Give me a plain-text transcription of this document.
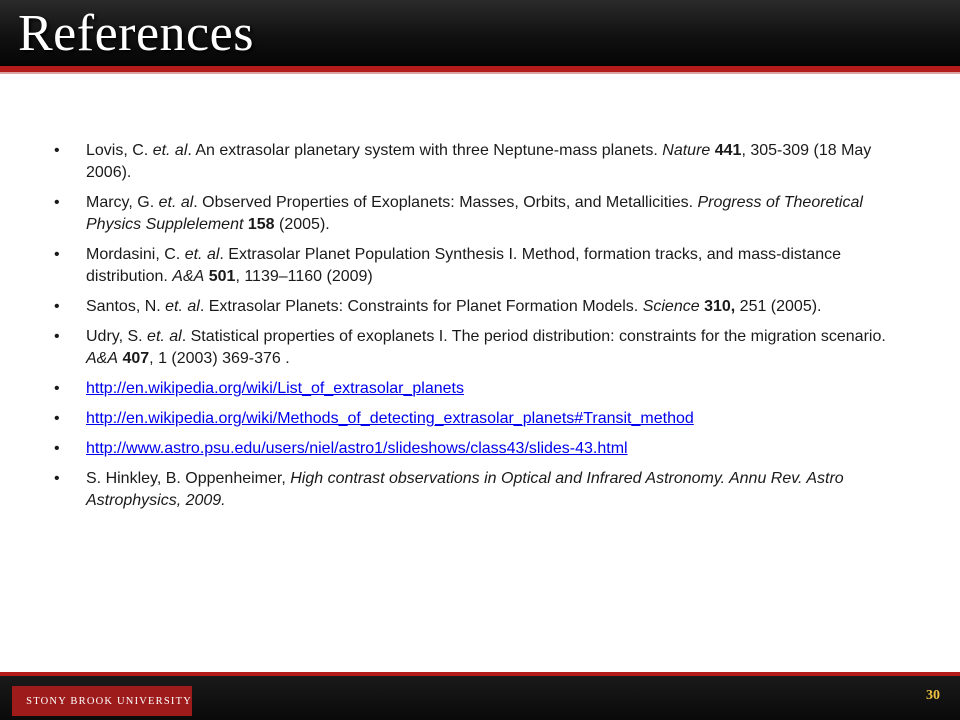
References
• Lovis, C. et. al. An extrasolar planetary system with three Neptune-mass planets. Nature 441, 305-309 (18 May 2006).
• Marcy, G. et. al. Observed Properties of Exoplanets: Masses, Orbits, and Metallicities. Progress of Theoretical Physics Supplelement 158 (2005).
• Mordasini, C. et. al. Extrasolar Planet Population Synthesis I. Method, formation tracks, and mass-distance distribution. A&A 501, 1139–1160 (2009)
• Santos, N. et. al. Extrasolar Planets: Constraints for Planet Formation Models. Science 310, 251 (2005).
• Udry, S. et. al. Statistical properties of exoplanets I. The period distribution: constraints for the migration scenario. A&A 407, 1 (2003) 369-376 .
• http://en.wikipedia.org/wiki/List_of_extrasolar_planets
• http://en.wikipedia.org/wiki/Methods_of_detecting_extrasolar_planets#Transit_method
• http://www.astro.psu.edu/users/niel/astro1/slideshows/class43/slides-43.html
• S. Hinkley, B. Oppenheimer, High contrast observations in Optical and Infrared Astronomy. Annu Rev. Astro Astrophysics, 2009.
STONY BROOK UNIVERSITY	30
